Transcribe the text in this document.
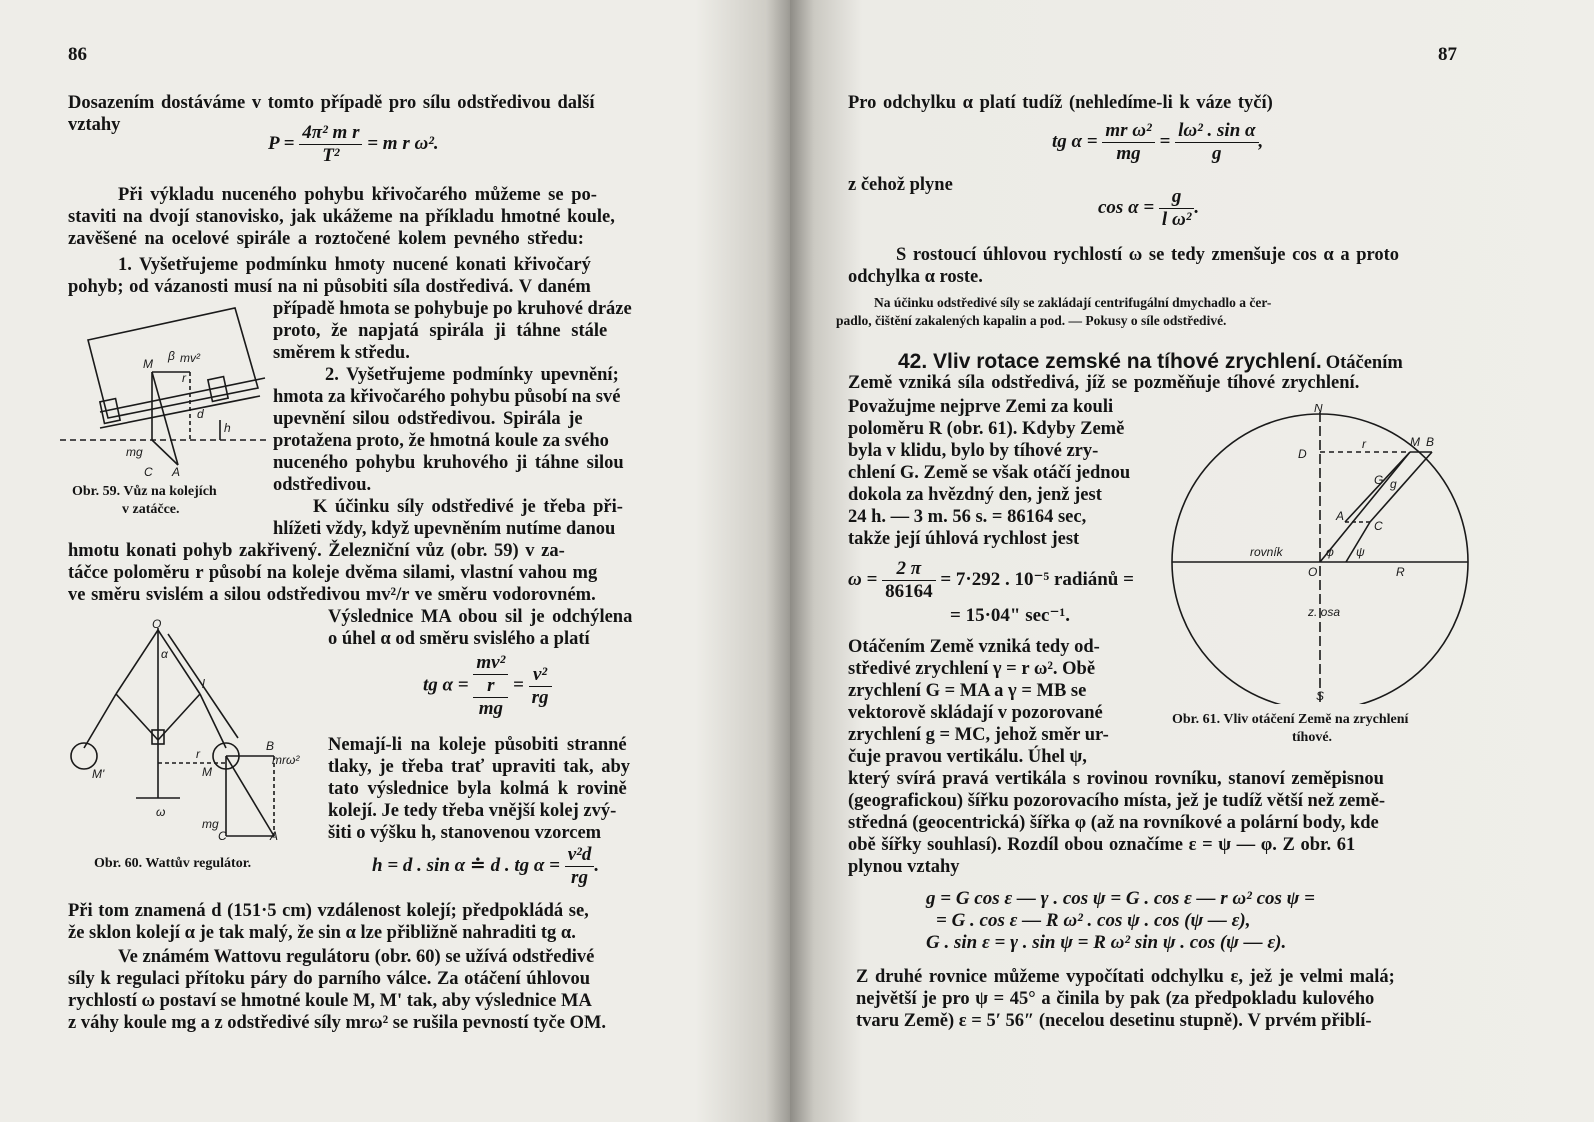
86
Dosazením dostáváme v tomto případě pro sílu odstředivou další
vztahy
$P = \frac{\text{4π² m r}}{\text{T²}} = m$ r ω².
Při výkladu nuceného pohybu křivočarého můžeme se po-
staviti na dvojí stanovisko, jak ukážeme na příkladu hmotné koule,
zavěšené na ocelové spirále a roztočené kolem pevného středu:
1. Vyšetřujeme podmínku hmoty nucené konati křivočarý
pohyb; od vázanosti musí na ni působiti síla dostředivá. V daném
případě hmota se pohybuje po kruhové dráze
proto, že napjatá spirála ji táhne stále
směrem k středu.
2. Vyšetřujeme podmínky upevnění;
hmota za křivočarého pohybu působí na své
upevnění silou odstředivou. Spirála je
protažena proto, že hmotná koule za svého
nuceného pohybu kruhového ji táhne silou
odstředivou.
K účinku síly odstředivé je třeba při-
hlížeti vždy, když upevněním nutíme danou
M
β mv²
r
d
h
mg
C A
Obr. 59. Vůz na kolejích
v zatáčce.
hmotu konati pohyb zakřivený. Železniční vůz (obr. 59) v za-
táčce poloměru r působí na koleje dvěma silami, vlastní vahou mg
ve směru svislém a silou odstředivou mv²/r ve směru vodorovném.
Výslednice MA obou sil je odchýlena
o úhel α od směru svislého a platí
tg $\alpha = \frac{\frac{\text{mv²}}{r}}{mg} = \frac{\text{v²}}{rg}$
Nemají-li na koleje působiti stranné
tlaky, je třeba trať upraviti tak, aby
tato výslednice byla kolmá k rovině
kolejí. Je tedy třeba vnější kolej zvý-
šiti o výšku h, stanovenou vzorcem
O
α
l
B
mrω²
r
M
M'
ω
mg
C	A
Obr. 60. Wattův regulátor.	h = d . sin α ≐ d . tg $\alpha = \frac{\text{v²d}}{rg}$ .
Při tom znamená d (151·5 cm) vzdálenost kolejí; předpokládá se,
že sklon kolejí α je tak malý, že sin α lze přibližně nahraditi tg α.
Ve známém Wattovu regulátoru (obr. 60) se užívá odstředivé
síly k regulaci přítoku páry do parního válce. Za otáčení úhlovou
rychlostí ω postaví se hmotné koule M, M' tak, aby výslednice MA
z váhy koule mg a z odstředivé síly mrω² se rušila pevností tyče OM.
87
Pro odchylku α platí tudíž (nehledíme-li k váze tyčí)
tg $\alpha = \frac{\text{mr ω²}}{mg} = \frac{\text{lω² . sin α}}{g}$ ,
z čehož plyne
$\cos \alpha = \frac{g}{\text{l ω²}}$ .
S rostoucí úhlovou rychlostí ω se tedy zmenšuje cos α a proto
odchylka α roste.
Na účinku odstředivé síly se zakládají centrifugální dmychadlo a čer-
padlo, čištění zakalených kapalin a pod. — Pokusy o síle odstředivé.
42. Vliv rotace zemské na tíhové zrychlení. Otáčením
Země vzniká síla odstředivá, jíž se pozměňuje tíhové zrychlení.
Považujme nejprve Zemi za kouli
poloměru R (obr. 61). Kdyby Země
byla v klidu, bylo by tíhové zry-
chlení G. Země se však otáčí jednou
dokola za hvězdný den, jenž jest
24 h. — 3 m. 56 s. = 86164 sec,
takže její úhlová rychlost jest
$\omega = \frac{2 \pi}{86164} = 7\cdot 292$ . 10⁻⁵ radiánů =
= 15·04" sec⁻¹.
Otáčením Země vzniká tedy od-
středivé zrychlení γ = r ω². Obě
zrychlení G = MA a γ = MB se
vektorově skládají v pozorované
zrychlení g = MC, jehož směr ur-
čuje pravou vertikálu. Úhel ψ,
N
D
r	M B
G g
A
C
rovník
O	R
z. osa
S
φ ψ
Obr. 61. Vliv otáčení Země na zrychlení
tíhové.
který svírá pravá vertikála s rovinou rovníku, stanoví zeměpisnou
(geografickou) šířku pozorovacího místa, jež je tudíž větší než země-
středná (geocentrická) šířka φ (až na rovníkové a polární body, kde
obě šířky souhlasí). Rozdíl obou označíme ε = ψ — φ. Z obr. 61
plynou vztahy
g = G cos ε — γ . cos ψ = G . cos ε — r ω² cos ψ =
= G . cos ε — R ω² . cos ψ . cos (ψ — ε),
G . sin ε = γ . sin ψ = R ω² sin ψ . cos (ψ — ε).
Z druhé rovnice můžeme vypočítati odchylku ε, jež je velmi malá;
největší je pro ψ = 45° a činila by pak (za předpokladu kulového
tvaru Země) ε = 5′ 56″ (necelou desetinu stupně). V prvém přiblí-
